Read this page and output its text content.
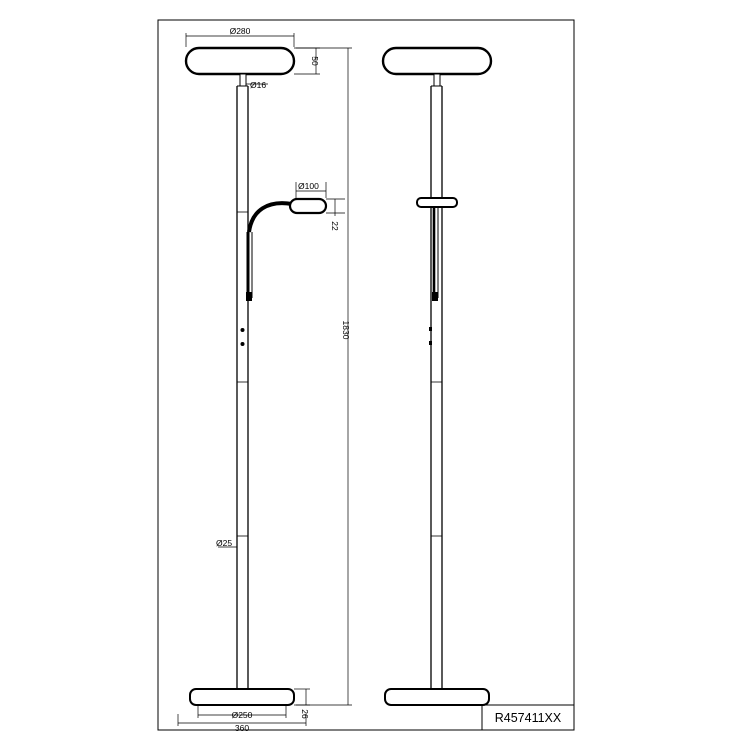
R457411XX
Ø280
50
Ø16
Ø100
22
1830
Ø25
Ø250
360
26
